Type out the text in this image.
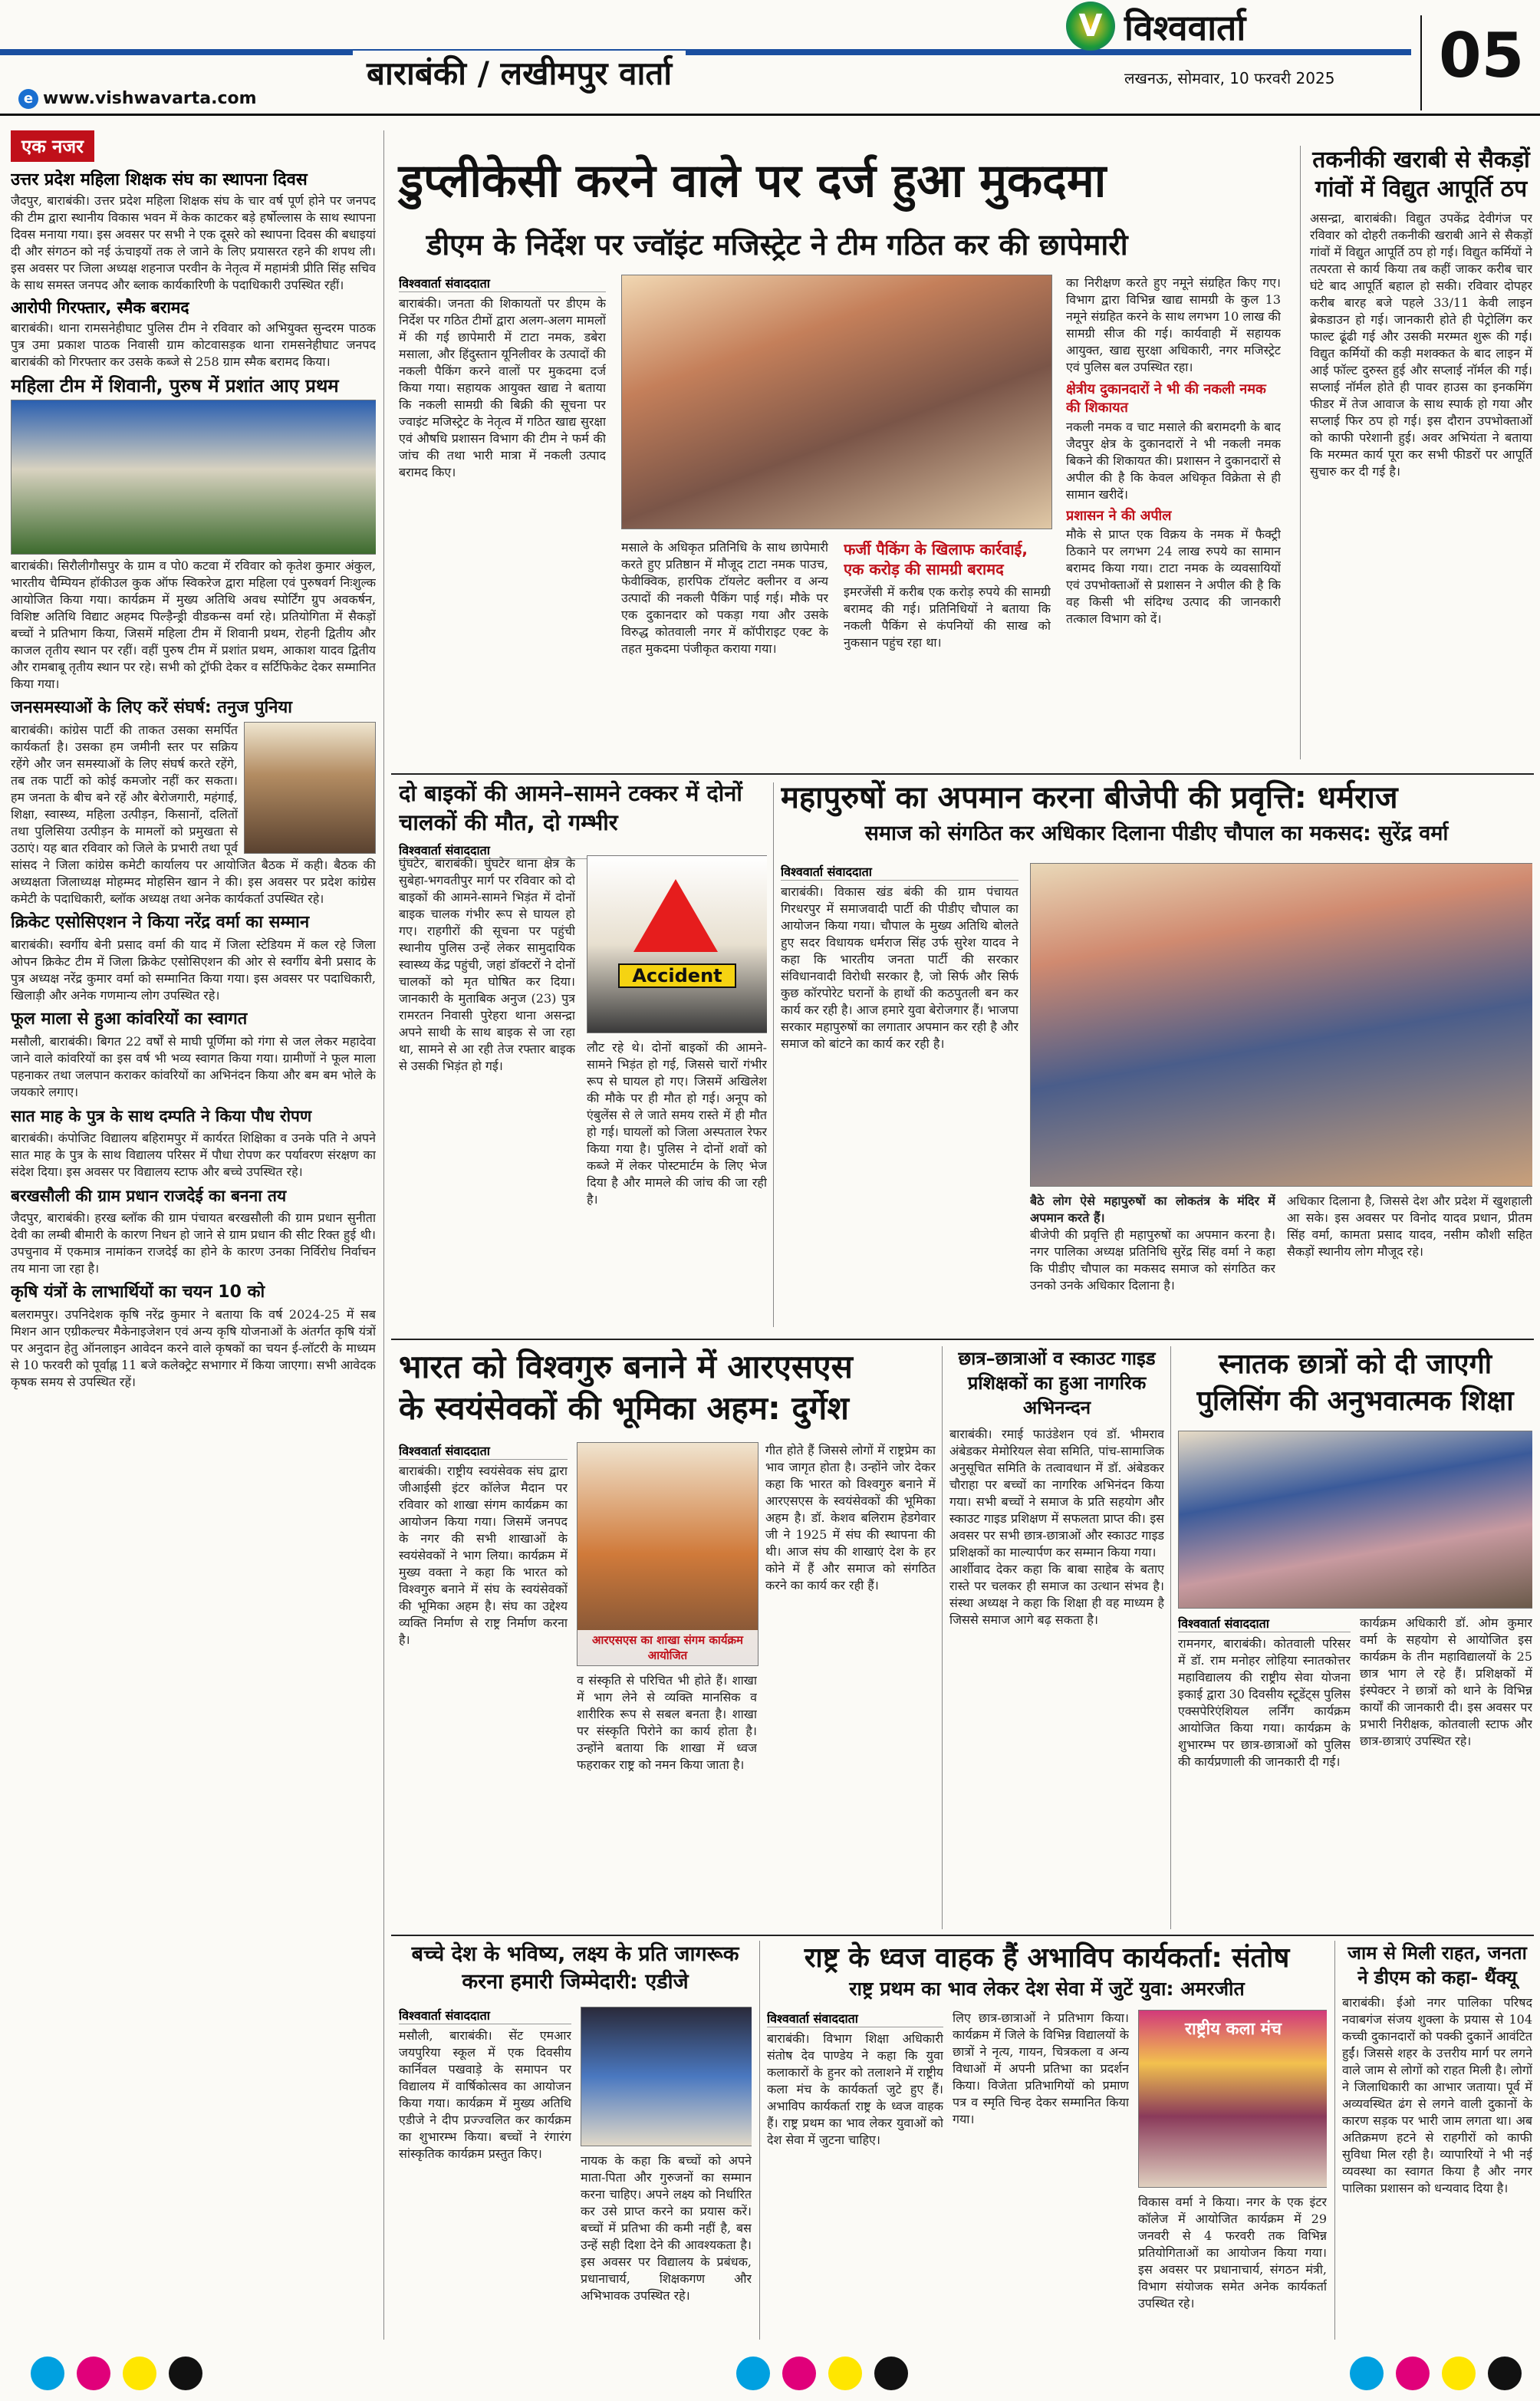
बाराबंकी / लखीमपुर वार्ता
e www.vishwavarta.com
V विश्ववार्ता
लखनऊ, सोमवार, 10 फरवरी 2025 05
एक नजर
उत्तर प्रदेश महिला शिक्षक संघ का स्थापना दिवस

जैदपुर, बाराबंकी। उत्तर प्रदेश महिला शिक्षक संघ के चार वर्ष पूर्ण होने पर जनपद की टीम द्वारा स्थानीय विकास भवन में केक काटकर बड़े हर्षोल्लास के साथ स्थापना दिवस मनाया गया। इस अवसर पर सभी ने एक दूसरे को स्थापना दिवस की बधाइयां दी और संगठन को नई ऊंचाइयों तक ले जाने के लिए प्रयासरत रहने की शपथ ली। इस अवसर पर जिला अध्यक्ष शहनाज परवीन के नेतृत्व में महामंत्री प्रीति सिंह सचिव के साथ समस्त जनपद और ब्लाक कार्यकारिणी के पदाधिकारी उपस्थित रहीं।

आरोपी गिरफ्तार, स्मैक बरामद

बाराबंकी। थाना रामसनेहीघाट पुलिस टीम ने रविवार को अभियुक्त सुन्दरम पाठक पुत्र उमा प्रकाश पाठक निवासी ग्राम कोटवासड़क थाना रामसनेहीघाट जनपद बाराबंकी को गिरफ्तार कर उसके कब्जे से 258 ग्राम स्मैक बरामद किया।

महिला टीम में शिवानी, पुरुष में प्रशांत आए प्रथम

बाराबंकी। सिरौलीगौसपुर के ग्राम व पो0 कटवा में रविवार को कृतेश कुमार अंकुल, भारतीय चैम्पियन हॉकीउल कुक ऑफ स्विकरेज द्वारा महिला एवं पुरुषवर्ग निःशुल्क आयोजित किया गया। कार्यक्रम में मुख्य अतिथि अवध स्पोर्टिंग ग्रुप अवकर्षन, विशिष्ट अतिथि विद्याट अहमद पिल्ड़ैन्ड्री वीडकन्स वर्मा रहे। प्रतियोगिता में सैकड़ों बच्चों ने प्रतिभाग किया, जिसमें महिला टीम में शिवानी प्रथम, रोहनी द्वितीय और काजल तृतीय स्थान पर रहीं। वहीं पुरुष टीम में प्रशांत प्रथम, आकाश यादव द्वितीय और रामबाबू तृतीय स्थान पर रहे। सभी को ट्रॉफी देकर व सर्टिफिकेट देकर सम्मानित किया गया।

जनसमस्याओं के लिए करें संघर्ष: तनुज पुनिया

बाराबंकी। कांग्रेस पार्टी की ताकत उसका समर्पित कार्यकर्ता है। उसका हम जमीनी स्तर पर सक्रिय रहेंगे और जन समस्याओं के लिए संघर्ष करते रहेंगे, तब तक पार्टी को कोई कमजोर नहीं कर सकता। हम जनता के बीच बने रहें और बेरोजगारी, महंगाई, शिक्षा, स्वास्थ्य, महिला उत्पीड़न, किसानों, दलितों तथा पुलिसिया उत्पीड़न के मामलों को प्रमुखता से उठाएं। यह बात रविवार को जिले के प्रभारी तथा पूर्व सांसद ने जिला कांग्रेस कमेटी कार्यालय पर आयोजित बैठक में कही। बैठक की अध्यक्षता जिलाध्यक्ष मोहम्मद मोहसिन खान ने की। इस अवसर पर प्रदेश कांग्रेस कमेटी के पदाधिकारी, ब्लॉक अध्यक्ष तथा अनेक कार्यकर्ता उपस्थित रहे।

क्रिकेट एसोसिएशन ने किया नरेंद्र वर्मा का सम्मान

बाराबंकी। स्वर्गीय बेनी प्रसाद वर्मा की याद में जिला स्टेडियम में कल रहे जिला ओपन क्रिकेट टीम में जिला क्रिकेट एसोसिएशन की ओर से स्वर्गीय बेनी प्रसाद के पुत्र अध्यक्ष नरेंद्र कुमार वर्मा को सम्मानित किया गया। इस अवसर पर पदाधिकारी, खिलाड़ी और अनेक गणमान्य लोग उपस्थित रहे।

फूल माला से हुआ कांवरियों का स्वागत

मसौली, बाराबंकी। बिगत 22 वर्षों से माघी पूर्णिमा को गंगा से जल लेकर महादेवा जाने वाले कांवरियों का इस वर्ष भी भव्य स्वागत किया गया। ग्रामीणों ने फूल माला पहनाकर तथा जलपान कराकर कांवरियों का अभिनंदन किया और बम बम भोले के जयकारे लगाए।

सात माह के पुत्र के साथ दम्पति ने किया पौध रोपण

बाराबंकी। कंपोजिट विद्यालय बहिरामपुर में कार्यरत शिक्षिका व उनके पति ने अपने सात माह के पुत्र के साथ विद्यालय परिसर में पौधा रोपण कर पर्यावरण संरक्षण का संदेश दिया। इस अवसर पर विद्यालय स्टाफ और बच्चे उपस्थित रहे।

बरखसौली की ग्राम प्रधान राजदेई का बनना तय

जैदपुर, बाराबंकी। हरख ब्लॉक की ग्राम पंचायत बरखसौली की ग्राम प्रधान सुनीता देवी का लम्बी बीमारी के कारण निधन हो जाने से ग्राम प्रधान की सीट रिक्त हुई थी। उपचुनाव में एकमात्र नामांकन राजदेई का होने के कारण उनका निर्विरोध निर्वाचन तय माना जा रहा है।

कृषि यंत्रों के लाभार्थियों का चयन 10 को

बलरामपुर। उपनिदेशक कृषि नरेंद्र कुमार ने बताया कि वर्ष 2024-25 में सब मिशन आन एग्रीकल्चर मैकेनाइजेशन एवं अन्य कृषि योजनाओं के अंतर्गत कृषि यंत्रों पर अनुदान हेतु ऑनलाइन आवेदन करने वाले कृषकों का चयन ई-लॉटरी के माध्यम से 10 फरवरी को पूर्वाह्न 11 बजे कलेक्ट्रेट सभागार में किया जाएगा। सभी आवेदक कृषक समय से उपस्थित रहें।

डुप्लीकेसी करने वाले पर दर्ज हुआ मुकदमा
डीएम के निर्देश पर ज्वॉइंट मजिस्ट्रेट ने टीम गठित कर की छापेमारी
विश्ववार्ता संवाददाता

बाराबंकी। जनता की शिकायतों पर डीएम के निर्देश पर गठित टीमों द्वारा अलग-अलग मामलों में की गई छापेमारी में टाटा नमक, डबेरा मसाला, और हिंदुस्तान यूनिलीवर के उत्पादों की नकली पैकिंग करने वालों पर मुकदमा दर्ज किया गया। सहायक आयुक्त खाद्य ने बताया कि नकली सामग्री की बिक्री की सूचना पर ज्वाइंट मजिस्ट्रेट के नेतृत्व में गठित खाद्य सुरक्षा एवं औषधि प्रशासन विभाग की टीम ने फर्म की जांच की तथा भारी मात्रा में नकली उत्पाद बरामद किए।

मसाले के अधिकृत प्रतिनिधि के साथ छापेमारी करते हुए प्रतिष्ठान में मौजूद टाटा नमक पाउच, फेवीक्विक, हारपिक टॉयलेट क्लीनर व अन्य उत्पादों की नकली पैकिंग पाई गई। मौके पर एक दुकानदार को पकड़ा गया और उसके विरुद्ध कोतवाली नगर में कॉपीराइट एक्ट के तहत मुकदमा पंजीकृत कराया गया।

फर्जी पैकिंग के खिलाफ कार्रवाई, एक करोड़ की सामग्री बरामद

इमरजेंसी में करीब एक करोड़ रुपये की सामग्री बरामद की गई। प्रतिनिधियों ने बताया कि नकली पैकिंग से कंपनियों की साख को नुकसान पहुंच रहा था।

का निरीक्षण करते हुए नमूने संग्रहित किए गए। विभाग द्वारा विभिन्न खाद्य सामग्री के कुल 13 नमूने संग्रहित करने के साथ लगभग 10 लाख की सामग्री सीज की गई। कार्यवाही में सहायक आयुक्त, खाद्य सुरक्षा अधिकारी, नगर मजिस्ट्रेट एवं पुलिस बल उपस्थित रहा।

क्षेत्रीय दुकानदारों ने भी की नकली नमक की शिकायत

नकली नमक व चाट मसाले की बरामदगी के बाद जैदपुर क्षेत्र के दुकानदारों ने भी नकली नमक बिकने की शिकायत की। प्रशासन ने दुकानदारों से अपील की है कि केवल अधिकृत विक्रेता से ही सामान खरीदें।

प्रशासन ने की अपील

मौके से प्राप्त एक विक्रय के नमक में फैक्ट्री ठिकाने पर लगभग 24 लाख रुपये का सामान बरामद किया गया। टाटा नमक के व्यवसायियों एवं उपभोक्ताओं से प्रशासन ने अपील की है कि वह किसी भी संदिग्ध उत्पाद की जानकारी तत्काल विभाग को दें।

तकनीकी खराबी से सैकड़ों गांवों में विद्युत आपूर्ति ठप

असन्द्रा, बाराबंकी। विद्युत उपकेंद्र देवीगंज पर रविवार को दोहरी तकनीकी खराबी आने से सैकड़ों गांवों में विद्युत आपूर्ति ठप हो गई। विद्युत कर्मियों ने तत्परता से कार्य किया तब कहीं जाकर करीब चार घंटे बाद आपूर्ति बहाल हो सकी। रविवार दोपहर करीब बारह बजे पहले 33/11 केवी लाइन ब्रेकडाउन हो गई। जानकारी होते ही पेट्रोलिंग कर फाल्ट ढूंढी गई और उसकी मरम्मत शुरू की गई। विद्युत कर्मियों की कड़ी मशक्कत के बाद लाइन में आई फॉल्ट दुरुस्त हुई और सप्लाई नॉर्मल की गई। सप्लाई नॉर्मल होते ही पावर हाउस का इनकमिंग फीडर में तेज आवाज के साथ स्पार्क हो गया और सप्लाई फिर ठप हो गई। इस दौरान उपभोक्ताओं को काफी परेशानी हुई। अवर अभियंता ने बताया कि मरम्मत कार्य पूरा कर सभी फीडरों पर आपूर्ति सुचारु कर दी गई है।

दो बाइकों की आमने–सामने टक्कर में दोनों चालकों की मौत, दो गम्भीर
विश्ववार्ता संवाददाता

घुंघटेर, बाराबंकी। घुंघटेर थाना क्षेत्र के सुबेहा-भगवतीपुर मार्ग पर रविवार को दो बाइकों की आमने-सामने भिड़ंत में दोनों बाइक चालक गंभीर रूप से घायल हो गए। राहगीरों की सूचना पर पहुंची स्थानीय पुलिस उन्हें लेकर सामुदायिक स्वास्थ्य केंद्र पहुंची, जहां डॉक्टरों ने दोनों चालकों को मृत घोषित कर दिया। जानकारी के मुताबिक अनुज (23) पुत्र रामरतन निवासी पुरेहरा थाना असन्द्रा अपने साथी के साथ बाइक से जा रहा था, सामने से आ रही तेज रफ्तार बाइक से उसकी भिड़ंत हो गई।

Accident

लौट रहे थे। दोनों बाइकों की आमने-सामने भिड़ंत हो गई, जिससे चारों गंभीर रूप से घायल हो गए। जिसमें अखिलेश की मौके पर ही मौत हो गई। अनूप को एंबुलेंस से ले जाते समय रास्ते में ही मौत हो गई। घायलों को जिला अस्पताल रेफर किया गया है। पुलिस ने दोनों शवों को कब्जे में लेकर पोस्टमार्टम के लिए भेज दिया है और मामले की जांच की जा रही है।

महापुरुषों का अपमान करना बीजेपी की प्रवृत्ति: धर्मराज
समाज को संगठित कर अधिकार दिलाना पीडीए चौपाल का मकसद: सुरेंद्र वर्मा
विश्ववार्ता संवाददाता

बाराबंकी। विकास खंड बंकी की ग्राम पंचायत गिरधरपुर में समाजवादी पार्टी की पीडीए चौपाल का आयोजन किया गया। चौपाल के मुख्य अतिथि बोलते हुए सदर विधायक धर्मराज सिंह उर्फ सुरेश यादव ने कहा कि भारतीय जनता पार्टी की सरकार संविधानवादी विरोधी सरकार है, जो सिर्फ और सिर्फ कुछ कॉरपोरेट घरानों के हाथों की कठपुतली बन कर कार्य कर रही है। आज हमारे युवा बेरोजगार हैं। भाजपा सरकार महापुरुषों का लगातार अपमान कर रही है और समाज को बांटने का कार्य कर रही है।

बैठे लोग ऐसे महापुरुषों का लोकतंत्र के मंदिर में अपमान करते हैं।

बीजेपी की प्रवृत्ति ही महापुरुषों का अपमान करना है। नगर पालिका अध्यक्ष प्रतिनिधि सुरेंद्र सिंह वर्मा ने कहा कि पीडीए चौपाल का मकसद समाज को संगठित कर उनको उनके अधिकार दिलाना है।

अधिकार दिलाना है, जिससे देश और प्रदेश में खुशहाली आ सके। इस अवसर पर विनोद यादव प्रधान, प्रीतम सिंह वर्मा, कामता प्रसाद यादव, नसीम कौशी सहित सैकड़ों स्थानीय लोग मौजूद रहे।

भारत को विश्वगुरु बनाने में आरएसएस
के स्वयंसेवकों की भूमिका अहम: दुर्गेश
विश्ववार्ता संवाददाता

बाराबंकी। राष्ट्रीय स्वयंसेवक संघ द्वारा जीआईसी इंटर कॉलेज मैदान पर रविवार को शाखा संगम कार्यक्रम का आयोजन किया गया। जिसमें जनपद के नगर की सभी शाखाओं के स्वयंसेवकों ने भाग लिया। कार्यक्रम में मुख्य वक्ता ने कहा कि भारत को विश्वगुरु बनाने में संघ के स्वयंसेवकों की भूमिका अहम है। संघ का उद्देश्य व्यक्ति निर्माण से राष्ट्र निर्माण करना है।	आरएसएस का शाखा संगम कार्यक्रम आयोजित

व संस्कृति से परिचित भी होते हैं। शाखा में भाग लेने से व्यक्ति मानसिक व शारीरिक रूप से सबल बनता है। शाखा पर संस्कृति पिरोने का कार्य होता है। उन्होंने बताया कि शाखा में ध्वज फहराकर राष्ट्र को नमन किया जाता है।

गीत होते हैं जिससे लोगों में राष्ट्रप्रेम का भाव जागृत होता है। उन्होंने जोर देकर कहा कि भारत को विश्वगुरु बनाने में आरएसएस के स्वयंसेवकों की भूमिका अहम है। डॉ. केशव बलिराम हेडगेवार जी ने 1925 में संघ की स्थापना की थी। आज संघ की शाखाएं देश के हर कोने में हैं और समाज को संगठित करने का कार्य कर रही हैं।

छात्र–छात्राओं व स्काउट गाइड प्रशिक्षकों का हुआ नागरिक अभिनन्दन

बाराबंकी। रमाई फाउंडेशन एवं डॉ. भीमराव अंबेडकर मेमोरियल सेवा समिति, पांच-सामाजिक अनुसूचित समिति के तत्वावधान में डॉ. अंबेडकर चौराहा पर बच्चों का नागरिक अभिनंदन किया गया। सभी बच्चों ने समाज के प्रति सहयोग और स्काउट गाइड प्रशिक्षण में सफलता प्राप्त की। इस अवसर पर सभी छात्र-छात्राओं और स्काउट गाइड प्रशिक्षकों का माल्यार्पण कर सम्मान किया गया।

आर्शीवाद देकर कहा कि बाबा साहेब के बताए रास्ते पर चलकर ही समाज का उत्थान संभव है। संस्था अध्यक्ष ने कहा कि शिक्षा ही वह माध्यम है जिससे समाज आगे बढ़ सकता है।

स्नातक छात्रों को दी जाएगी
पुलिसिंग की अनुभवात्मक शिक्षा
विश्ववार्ता संवाददाता

रामनगर, बाराबंकी। कोतवाली परिसर में डॉ. राम मनोहर लोहिया स्नातकोत्तर महाविद्यालय की राष्ट्रीय सेवा योजना इकाई द्वारा 30 दिवसीय स्टूडेंट्स पुलिस एक्सपेरिएंशियल लर्निंग कार्यक्रम आयोजित किया गया। कार्यक्रम के शुभारम्भ पर छात्र-छात्राओं को पुलिस की कार्यप्रणाली की जानकारी दी गई।

कार्यक्रम अधिकारी डॉ. ओम कुमार वर्मा के सहयोग से आयोजित इस कार्यक्रम के तीन महाविद्यालयों के 25 छात्र भाग ले रहे हैं। प्रशिक्षकों में इंस्पेक्टर ने छात्रों को थाने के विभिन्न कार्यों की जानकारी दी। इस अवसर पर प्रभारी निरीक्षक, कोतवाली स्टाफ और छात्र-छात्राएं उपस्थित रहे।

बच्चे देश के भविष्य, लक्ष्य के प्रति जागरूक
करना हमारी जिम्मेदारी: एडीजे
विश्ववार्ता संवाददाता

मसौली, बाराबंकी। सेंट एमआर जयपुरिया स्कूल में एक दिवसीय कार्निवल पखवाड़े के समापन पर विद्यालय में वार्षिकोत्सव का आयोजन किया गया। कार्यक्रम में मुख्य अतिथि एडीजे ने दीप प्रज्ज्वलित कर कार्यक्रम का शुभारम्भ किया। बच्चों ने रंगारंग सांस्कृतिक कार्यक्रम प्रस्तुत किए।	नायक के कहा कि बच्चों को अपने माता-पिता और गुरुजनों का सम्मान करना चाहिए। अपने लक्ष्य को निर्धारित कर उसे प्राप्त करने का प्रयास करें। बच्चों में प्रतिभा की कमी नहीं है, बस उन्हें सही दिशा देने की आवश्यकता है। इस अवसर पर विद्यालय के प्रबंधक, प्रधानाचार्य, शिक्षकगण और अभिभावक उपस्थित रहे।

राष्ट्र के ध्वज वाहक हैं अभाविप कार्यकर्ता: संतोष
राष्ट्र प्रथम का भाव लेकर देश सेवा में जुटें युवा: अमरजीत
विश्ववार्ता संवाददाता

बाराबंकी। विभाग शिक्षा अधिकारी संतोष देव पाण्डेय ने कहा कि युवा कलाकारों के हुनर को तलाशने में राष्ट्रीय कला मंच के कार्यकर्ता जुटे हुए हैं। अभाविप कार्यकर्ता राष्ट्र के ध्वज वाहक हैं। राष्ट्र प्रथम का भाव लेकर युवाओं को देश सेवा में जुटना चाहिए।

लिए छात्र-छात्राओं ने प्रतिभाग किया। कार्यक्रम में जिले के विभिन्न विद्यालयों के छात्रों ने नृत्य, गायन, चित्रकला व अन्य विधाओं में अपनी प्रतिभा का प्रदर्शन किया। विजेता प्रतिभागियों को प्रमाण पत्र व स्मृति चिन्ह देकर सम्मानित किया गया।

राष्ट्रीय कला मंच

विकास वर्मा ने किया। नगर के एक इंटर कॉलेज में आयोजित कार्यक्रम में 29 जनवरी से 4 फरवरी तक विभिन्न प्रतियोगिताओं का आयोजन किया गया। इस अवसर पर प्रधानाचार्य, संगठन मंत्री, विभाग संयोजक समेत अनेक कार्यकर्ता उपस्थित रहे।

जाम से मिली राहत, जनता ने डीएम को कहा- थैंक्यू

बाराबंकी। ईओ नगर पालिका परिषद नवाबगंज संजय शुक्ला के प्रयास से 104 कच्ची दुकानदारों को पक्की दुकानें आवंटित हुईं। जिससे शहर के उत्तरीय मार्ग पर लगने वाले जाम से लोगों को राहत मिली है। लोगों ने जिलाधिकारी का आभार जताया। पूर्व में अव्यवस्थित ढंग से लगने वाली दुकानों के कारण सड़क पर भारी जाम लगता था। अब अतिक्रमण हटने से राहगीरों को काफी सुविधा मिल रही है। व्यापारियों ने भी नई व्यवस्था का स्वागत किया है और नगर पालिका प्रशासन को धन्यवाद दिया है।
